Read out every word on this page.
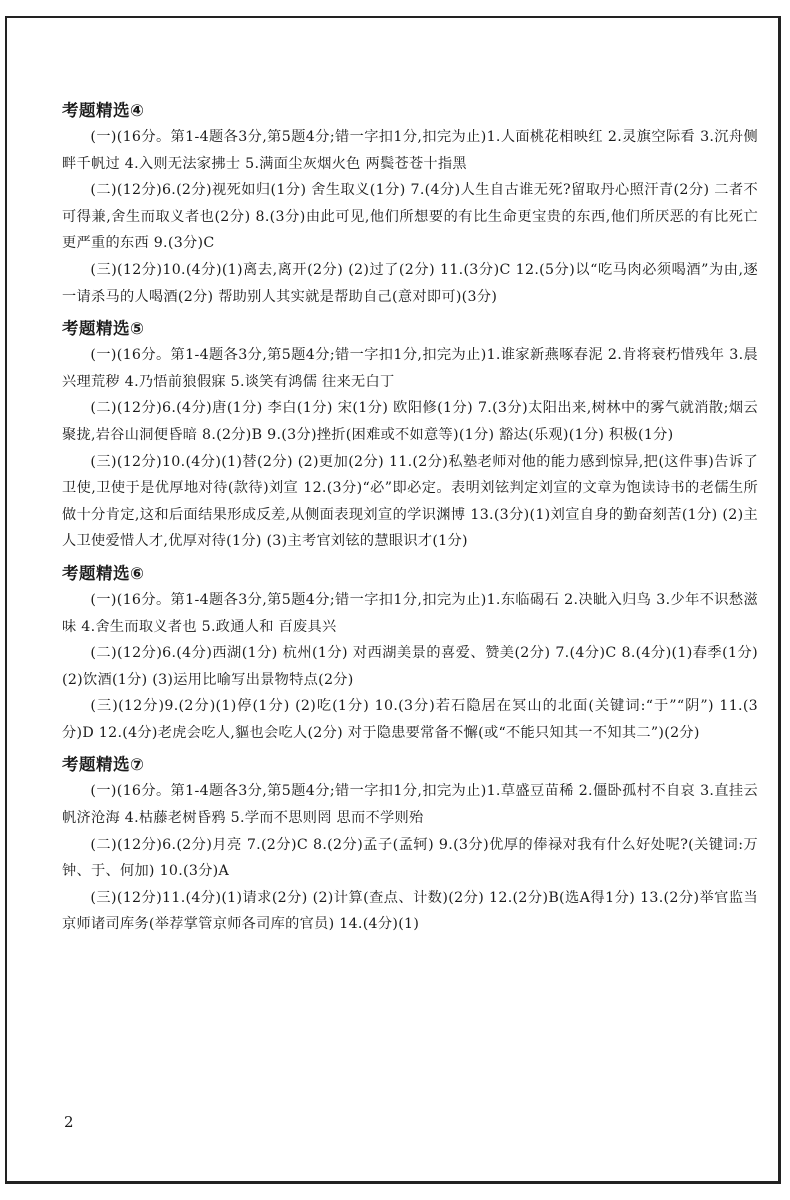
考题精选④

(一)(16分。第1-4题各3分,第5题4分;错一字扣1分,扣完为止)1.人面桃花相映红 2.灵旗空际看 3.沉舟侧畔千帆过 4.入则无法家拂士 5.满面尘灰烟火色 两鬓苍苍十指黑

(二)(12分)6.(2分)视死如归(1分) 舍生取义(1分) 7.(4分)人生自古谁无死?留取丹心照汗青(2分) 二者不可得兼,舍生而取义者也(2分) 8.(3分)由此可见,他们所想要的有比生命更宝贵的东西,他们所厌恶的有比死亡更严重的东西 9.(3分)C

(三)(12分)10.(4分)(1)离去,离开(2分) (2)过了(2分) 11.(3分)C 12.(5分)以“吃马肉必须喝酒”为由,逐一请杀马的人喝酒(2分) 帮助别人其实就是帮助自己(意对即可)(3分)

考题精选⑤

(一)(16分。第1-4题各3分,第5题4分;错一字扣1分,扣完为止)1.谁家新燕啄春泥 2.肯将衰朽惜残年 3.晨兴理荒秽 4.乃悟前狼假寐 5.谈笑有鸿儒 往来无白丁

(二)(12分)6.(4分)唐(1分) 李白(1分) 宋(1分) 欧阳修(1分) 7.(3分)太阳出来,树林中的雾气就消散;烟云聚拢,岩谷山洞便昏暗 8.(2分)B 9.(3分)挫折(困难或不如意等)(1分) 豁达(乐观)(1分) 积极(1分)

(三)(12分)10.(4分)(1)替(2分) (2)更加(2分) 11.(2分)私塾老师对他的能力感到惊异,把(这件事)告诉了卫使,卫使于是优厚地对待(款待)刘宣 12.(3分)“必”即必定。表明刘铉判定刘宣的文章为饱读诗书的老儒生所做十分肯定,这和后面结果形成反差,从侧面表现刘宣的学识渊博 13.(3分)(1)刘宣自身的勤奋刻苦(1分) (2)主人卫使爱惜人才,优厚对待(1分) (3)主考官刘铉的慧眼识才(1分)

考题精选⑥

(一)(16分。第1-4题各3分,第5题4分;错一字扣1分,扣完为止)1.东临碣石 2.决眦入归鸟 3.少年不识愁滋味 4.舍生而取义者也 5.政通人和 百废具兴

(二)(12分)6.(4分)西湖(1分) 杭州(1分) 对西湖美景的喜爱、赞美(2分) 7.(4分)C 8.(4分)(1)春季(1分) (2)饮酒(1分) (3)运用比喻写出景物特点(2分)

(三)(12分)9.(2分)(1)停(1分) (2)吃(1分) 10.(3分)若石隐居在冥山的北面(关键词:“于”“阴”) 11.(3分)D 12.(4分)老虎会吃人,貙也会吃人(2分) 对于隐患要常备不懈(或“不能只知其一不知其二”)(2分)

考题精选⑦

(一)(16分。第1-4题各3分,第5题4分;错一字扣1分,扣完为止)1.草盛豆苗稀 2.僵卧孤村不自哀 3.直挂云帆济沧海 4.枯藤老树昏鸦 5.学而不思则罔 思而不学则殆

(二)(12分)6.(2分)月亮 7.(2分)C 8.(2分)孟子(孟轲) 9.(3分)优厚的俸禄对我有什么好处呢?(关键词:万钟、于、何加) 10.(3分)A

(三)(12分)11.(4分)(1)请求(2分) (2)计算(查点、计数)(2分) 12.(2分)B(选A得1分) 13.(2分)举官监当京师诸司库务(举荐掌管京师各司库的官员) 14.(4分)(1)

2
